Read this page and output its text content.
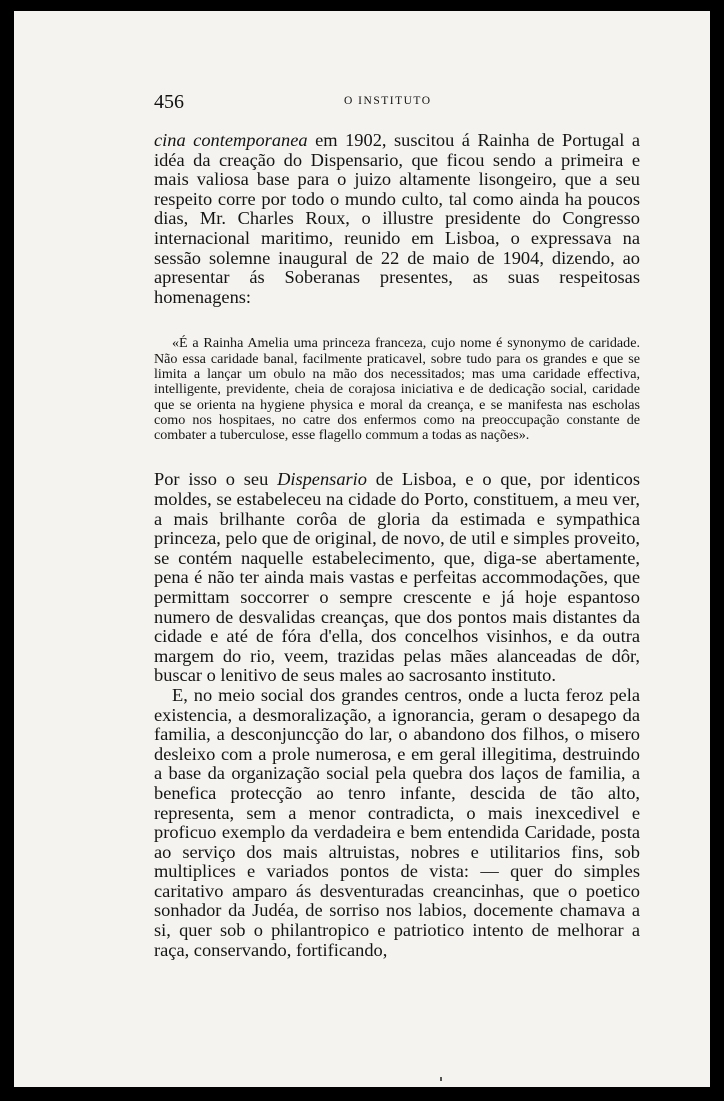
456	O INSTITUTO

cina contemporanea em 1902, suscitou á Rainha de Portugal a idéa da creação do Dispensario, que ficou sendo a primeira e mais valiosa base para o juizo altamente lisongeiro, que a seu respeito corre por todo o mundo culto, tal como ainda ha poucos dias, Mr. Charles Roux, o illustre presidente do Congresso internacional maritimo, reunido em Lisboa, o expressava na sessão solemne inaugural de 22 de maio de 1904, dizendo, ao apresentar ás Soberanas presentes, as suas respeitosas homenagens:

«É a Rainha Amelia uma princeza franceza, cujo nome é synonymo de caridade. Não essa caridade banal, facilmente praticavel, sobre tudo para os grandes e que se limita a lançar um obulo na mão dos necessitados; mas uma caridade effectiva, intelligente, previdente, cheia de corajosa iniciativa e de dedicação social, caridade que se orienta na hygiene physica e moral da creança, e se manifesta nas escholas como nos hospitaes, no catre dos enfermos como na preoccupação constante de combater a tuberculose, esse flagello commum a todas as nações».

Por isso o seu Dispensario de Lisboa, e o que, por identicos moldes, se estabeleceu na cidade do Porto, constituem, a meu ver, a mais brilhante corôa de gloria da estimada e sympathica princeza, pelo que de original, de novo, de util e simples proveito, se contém naquelle estabelecimento, que, diga-se abertamente, pena é não ter ainda mais vastas e perfeitas accommodações, que permittam soccorrer o sempre crescente e já hoje espantoso numero de desvalidas creanças, que dos pontos mais distantes da cidade e até de fóra d'ella, dos concelhos visinhos, e da outra margem do rio, veem, trazidas pelas mães alanceadas de dôr, buscar o lenitivo de seus males ao sacrosanto instituto.

E, no meio social dos grandes centros, onde a lucta feroz pela existencia, a desmoralização, a ignorancia, geram o desapego da familia, a desconjuncção do lar, o abandono dos filhos, o misero desleixo com a prole numerosa, e em geral illegitima, destruindo a base da organização social pela quebra dos laços de familia, a benefica protecção ao tenro infante, descida de tão alto, representa, sem a menor contradicta, o mais inexcedivel e proficuo exemplo da verdadeira e bem entendida Caridade, posta ao serviço dos mais altruistas, nobres e utilitarios fins, sob multiplices e variados pontos de vista: — quer do simples caritativo amparo ás desventuradas creancinhas, que o poetico sonhador da Judéa, de sorriso nos labios, docemente chamava a si, quer sob o philantropico e patriotico intento de melhorar a raça, conservando, fortificando,
